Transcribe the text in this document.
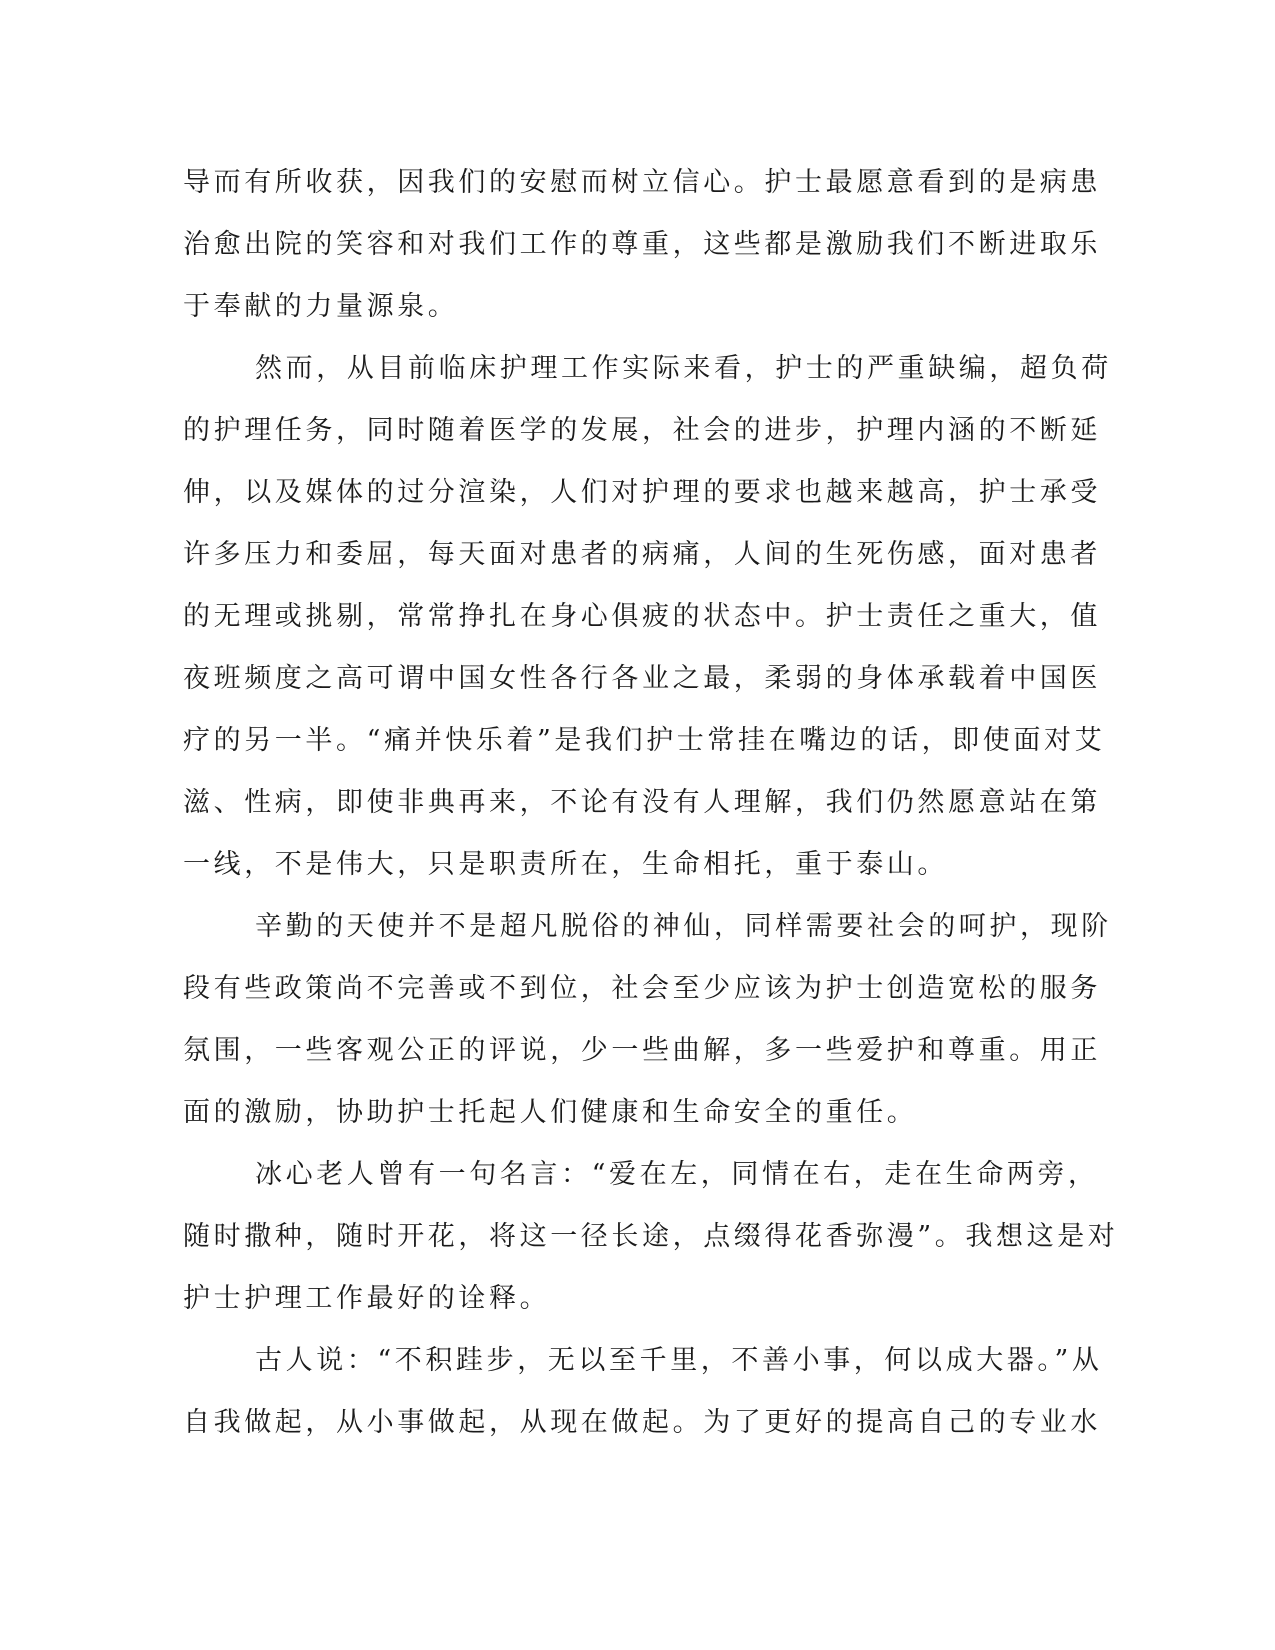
导而有所收获，因我们的安慰而树立信心。护士最愿意看到的是病患
治愈出院的笑容和对我们工作的尊重，这些都是激励我们不断进取乐
于奉献的力量源泉。
然而，从目前临床护理工作实际来看，护士的严重缺编，超负荷
的护理任务，同时随着医学的发展，社会的进步，护理内涵的不断延
伸，以及媒体的过分渲染，人们对护理的要求也越来越高，护士承受
许多压力和委屈，每天面对患者的病痛，人间的生死伤感，面对患者
的无理或挑剔，常常挣扎在身心俱疲的状态中。护士责任之重大，值
夜班频度之高可谓中国女性各行各业之最，柔弱的身体承载着中国医
疗的另一半。“痛并快乐着”是我们护士常挂在嘴边的话，即使面对艾
滋、性病，即使非典再来，不论有没有人理解，我们仍然愿意站在第
一线，不是伟大，只是职责所在，生命相托，重于泰山。
辛勤的天使并不是超凡脱俗的神仙，同样需要社会的呵护，现阶
段有些政策尚不完善或不到位，社会至少应该为护士创造宽松的服务
氛围，一些客观公正的评说，少一些曲解，多一些爱护和尊重。用正
面的激励，协助护士托起人们健康和生命安全的重任。
冰心老人曾有一句名言：“爱在左，同情在右，走在生命两旁，
随时撒种，随时开花，将这一径长途，点缀得花香弥漫”。我想这是对
护士护理工作最好的诠释。
古人说：“不积跬步，无以至千里，不善小事，何以成大器。”从
自我做起，从小事做起，从现在做起。为了更好的提高自己的专业水
